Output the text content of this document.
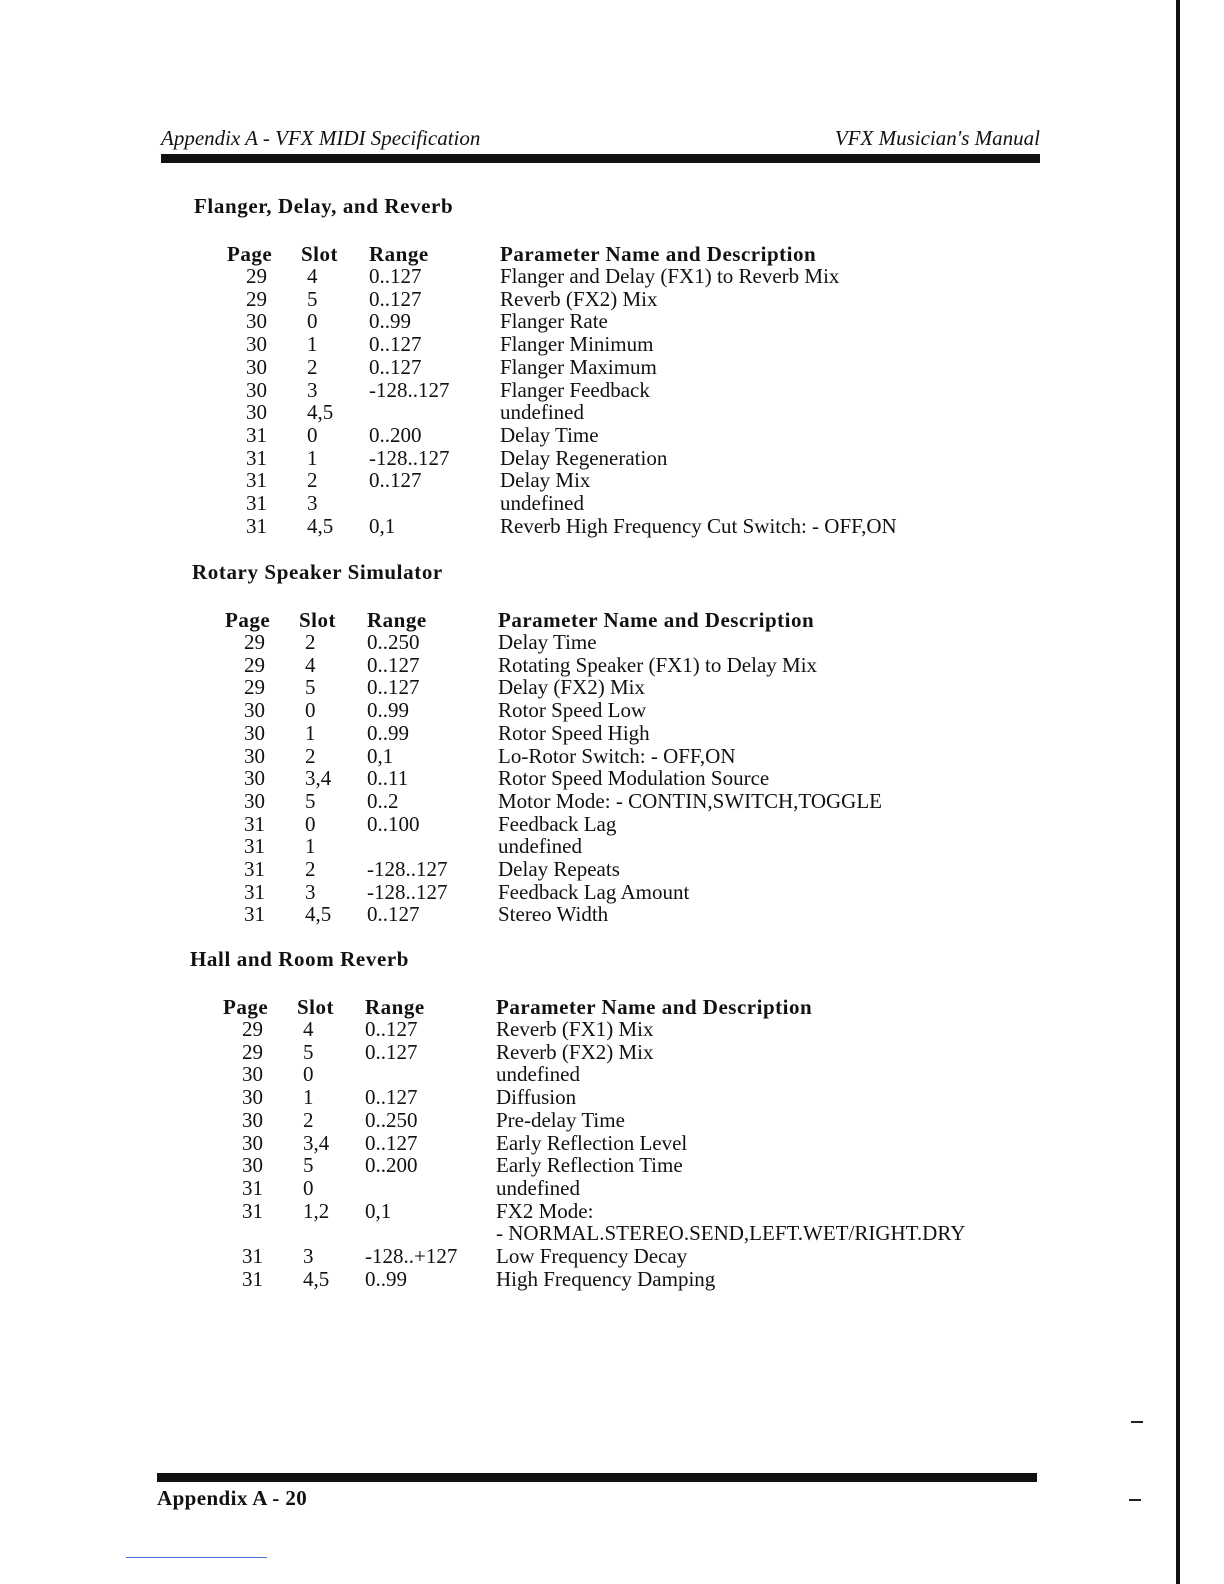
Appendix A - VFX MIDI Specification	VFX Musician's Manual
Flanger, Delay, and Reverb
Page Slot Range	Parameter Name and Description
29 4 0..127	Flanger and Delay (FX1) to Reverb Mix
29 5 0..127	Reverb (FX2) Mix
30 0 0..99	Flanger Rate
30 1 0..127	Flanger Minimum
30 2 0..127	Flanger Maximum
30 3 -128..127 Flanger Feedback
30 4,5	undefined
31 0 0..200	Delay Time
31 1 -128..127 Delay Regeneration
31 2 0..127	Delay Mix
31 3	undefined
31 4,5 0,1	Reverb High Frequency Cut Switch: - OFF,ON
Rotary Speaker Simulator
Page Slot Range	Parameter Name and Description
29 2 0..250	Delay Time
29 4 0..127	Rotating Speaker (FX1) to Delay Mix
29 5 0..127	Delay (FX2) Mix
30 0 0..99	Rotor Speed Low
30 1 0..99	Rotor Speed High
30 2 0,1	Lo-Rotor Switch: - OFF,ON
30 3,4 0..11	Rotor Speed Modulation Source
30 5 0..2	Motor Mode: - CONTIN,SWITCH,TOGGLE
31 0 0..100	Feedback Lag
31 1	undefined
31 2 -128..127 Delay Repeats
31 3 -128..127 Feedback Lag Amount
31 4,5 0..127	Stereo Width
Hall and Room Reverb
Page Slot Range	Parameter Name and Description
29 4 0..127	Reverb (FX1) Mix
29 5 0..127	Reverb (FX2) Mix
30 0	undefined
30 1 0..127	Diffusion
30 2 0..250	Pre-delay Time
30 3,4 0..127	Early Reflection Level
30 5 0..200	Early Reflection Time
31 0	undefined
31 1,2 0,1	FX2 Mode:
- NORMAL.STEREO.SEND,LEFT.WET/RIGHT.DRY
31 3 -128..+127 Low Frequency Decay
31 4,5 0..99	High Frequency Damping
Appendix A - 20
